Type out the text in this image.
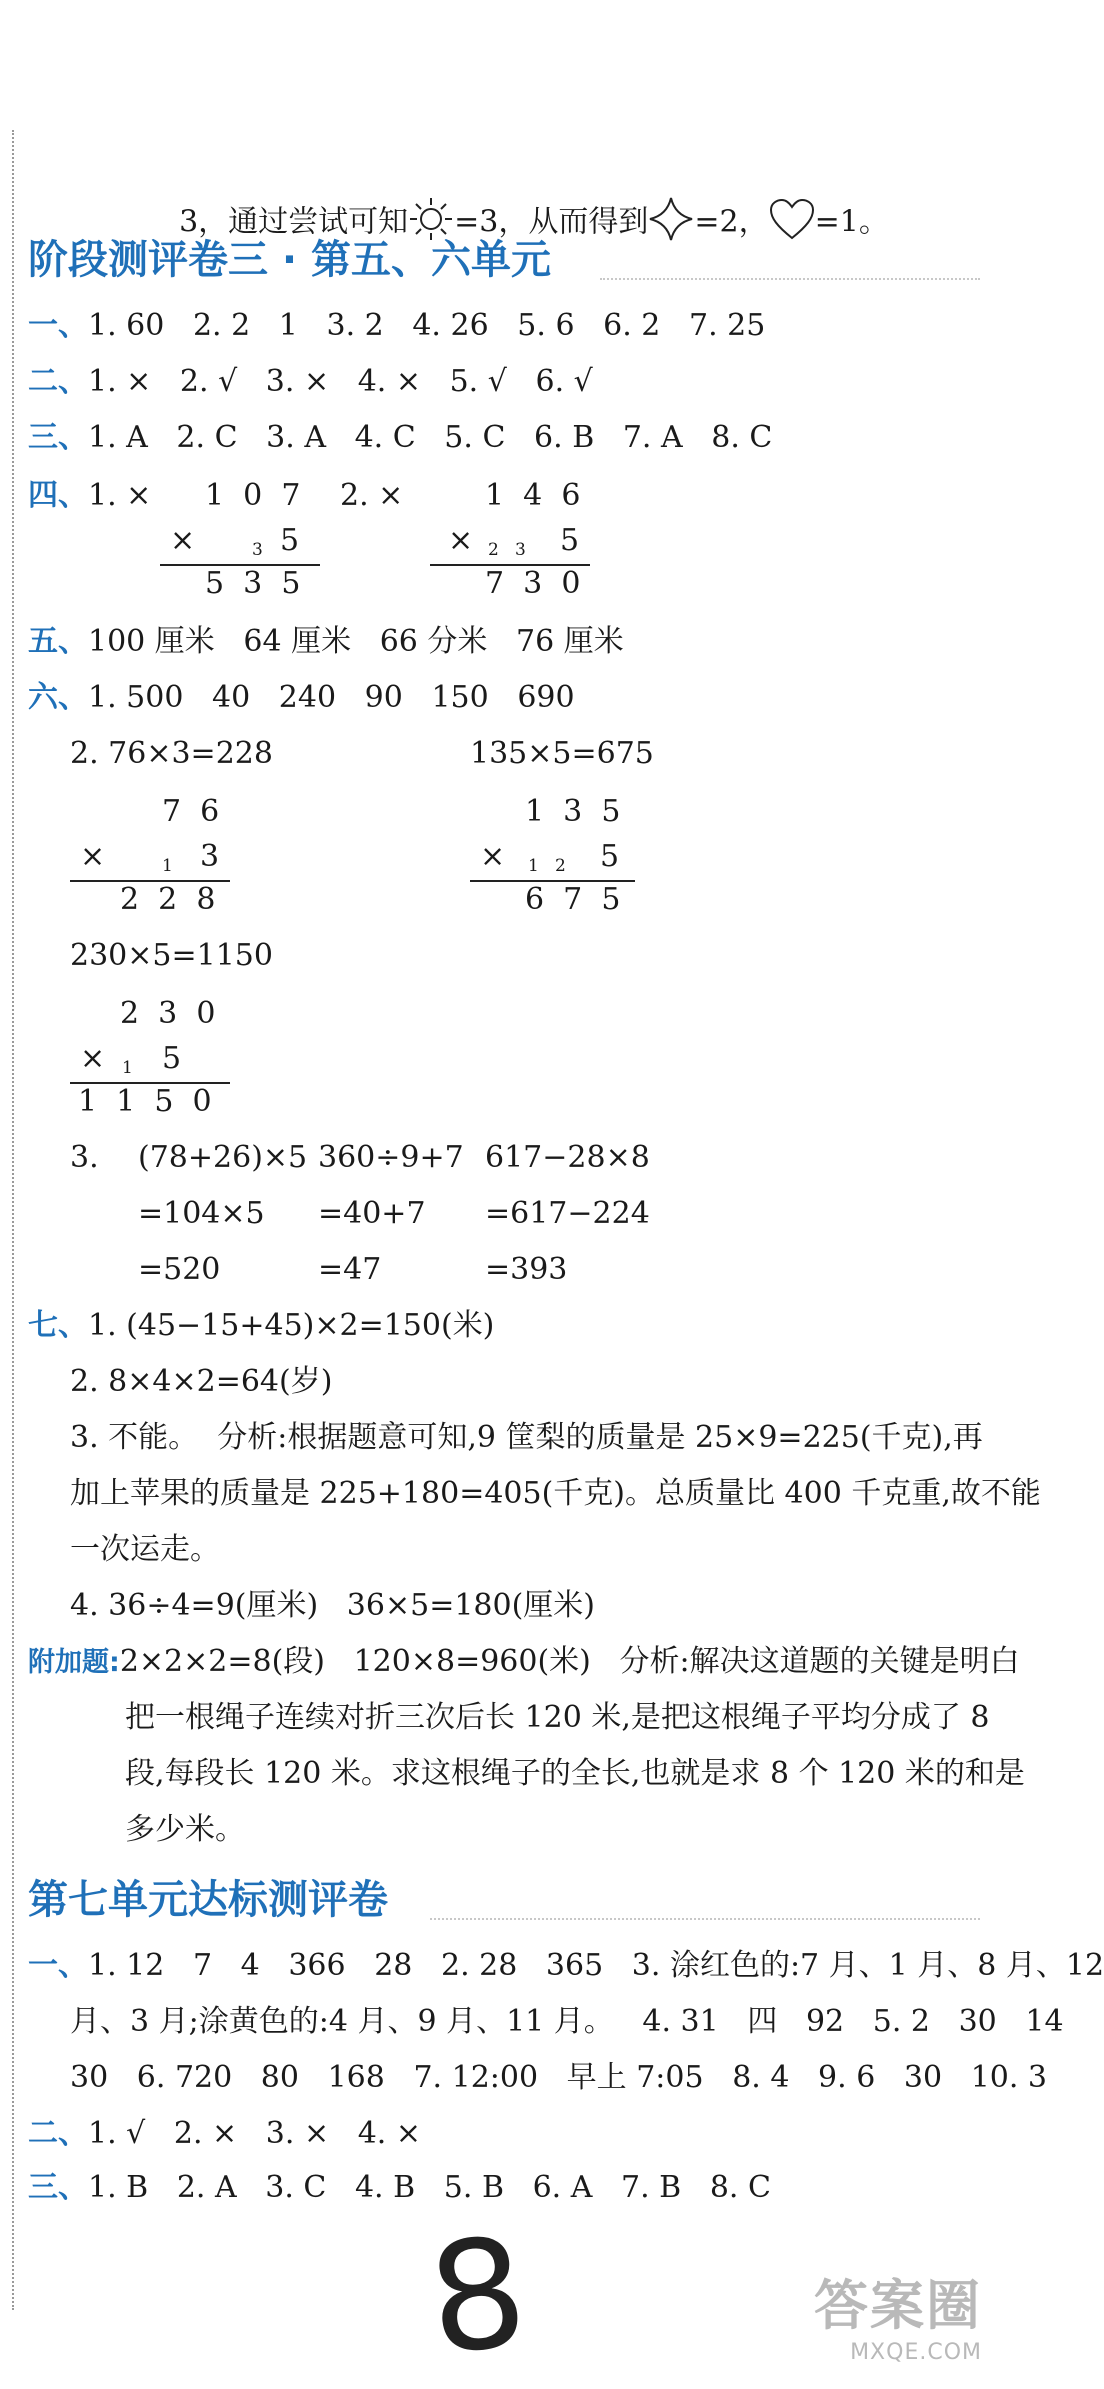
3，通过尝试可知 =3，从而得到 =2， =1。

阶段测评卷三 · 第五、六单元
一、1. 60   2. 2   1   3. 2   4. 26   5. 6   6. 2   7. 25
二、1. ×   2. √   3. ×   4. ×   5. √   6. √
三、1. A   2. C   3. A   4. C   5. C   6. B   7. A   8. C
四、1. ×	2. ×
1  0  7
×	3 5
5  3  5
1  4  6
× 2   3 5
7  3  0
五、100 厘米   64 厘米   66 分米   76 厘米
六、1. 500   40   240   90   150   690
2. 76×3=228	135×5=675
7  6
×	1 3
2  2  8
1  3  5
× 1   2 5
6  7  5
230×5=1150
2  3  0
× 1 5
1  1  5  0
3. (78+26)×5 360÷9+7 617−28×8
=104×5 =40+7 =617−224
=520	=47	=393
七、1. (45−15+45)×2=150(米)
2. 8×4×2=64(岁)
3. 不能。  分析:根据题意可知,9 筐梨的质量是 25×9=225(千克),再
加上苹果的质量是 225+180=405(千克)。总质量比 400 千克重,故不能
一次运走。
4. 36÷4=9(厘米)   36×5=180(厘米)
附加题:2×2×2=8(段)   120×8=960(米)   分析:解决这道题的关键是明白
把一根绳子连续对折三次后长 120 米,是把这根绳子平均分成了 8
段,每段长 120 米。求这根绳子的全长,也就是求 8 个 120 米的和是
多少米。
第七单元达标测评卷
一、1. 12   7   4   366   28   2. 28   365   3. 涂红色的:7 月、1 月、8 月、12
月、3 月;涂黄色的:4 月、9 月、11 月。   4. 31   四   92   5. 2   30   14
30   6. 720   80   168   7. 12:00   早上 7:05   8. 4   9. 6   30   10. 3
二、1. √   2. ×   3. ×   4. ×
三、1. B   2. A   3. C   4. B   5. B   6. A   7. B   8. C
8	答案圈
MXQE.COM
